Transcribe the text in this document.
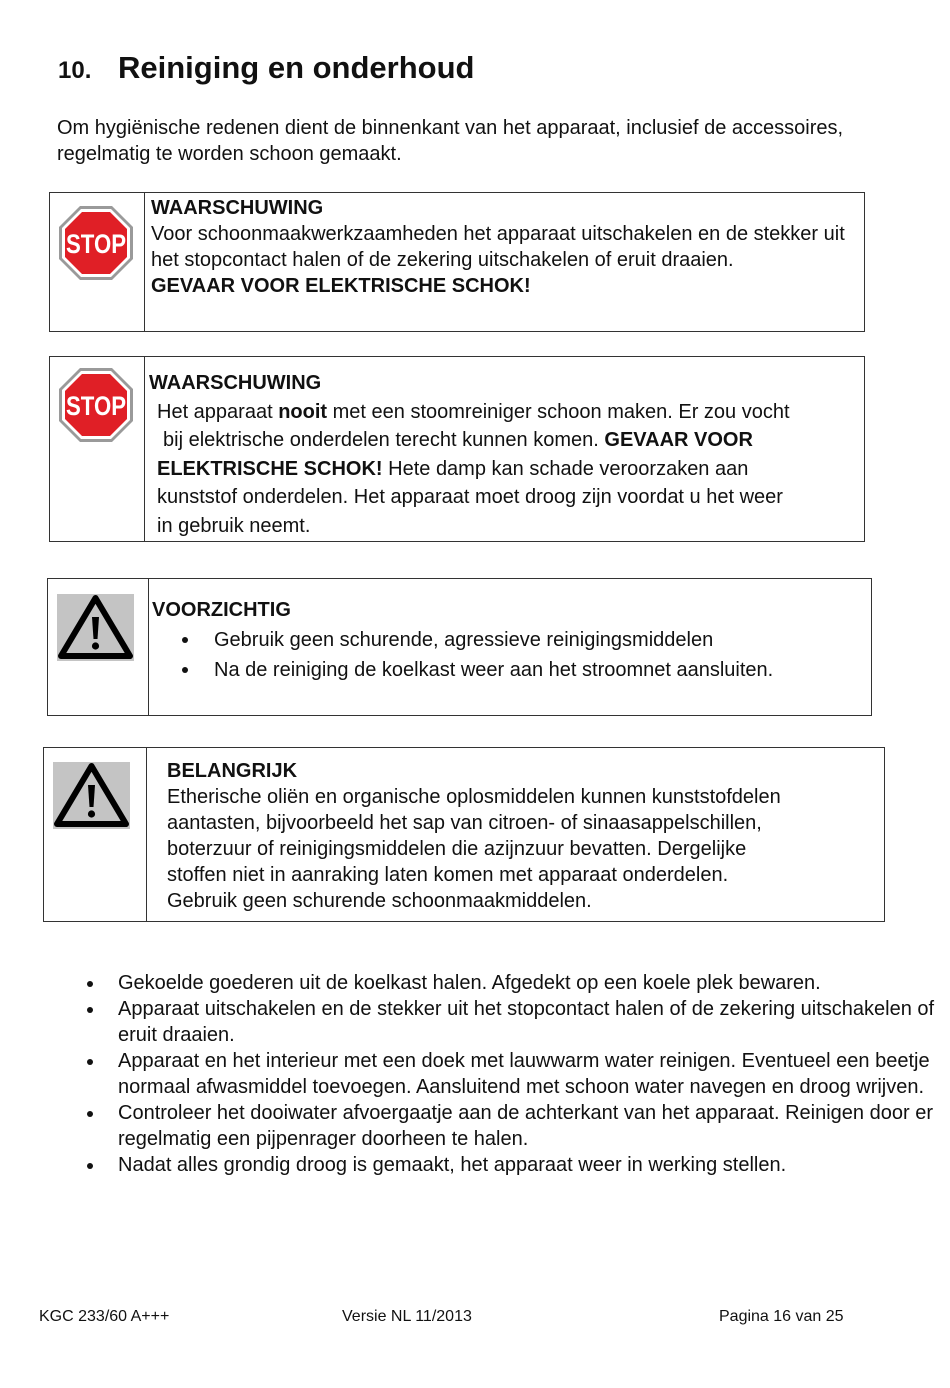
10. Reiniging en onderhoud
Om hygiënische redenen dient de binnenkant van het apparaat, inclusief de accessoires, regelmatig te worden schoon gemaakt.
STOP
WAARSCHUWING
Voor schoonmaakwerkzaamheden het apparaat uitschakelen en de stekker uit het stopcontact halen of de zekering uitschakelen of eruit draaien.
GEVAAR VOOR ELEKTRISCHE SCHOK!
STOP
WAARSCHUWING
Het apparaat nooit met een stoomreiniger schoon maken. Er zou vocht
bij elektrische onderdelen terecht kunnen komen. GEVAAR VOOR
ELEKTRISCHE SCHOK! Hete damp kan schade veroorzaken aan
kunststof onderdelen. Het apparaat moet droog zijn voordat u het weer
in gebruik neemt.
VOORZICHTIG
Gebruik geen schurende, agressieve reinigingsmiddelen
Na de reiniging de koelkast weer aan het stroomnet aansluiten.
BELANGRIJK
Etherische oliën en organische oplosmiddelen kunnen kunststofdelen
aantasten, bijvoorbeeld het sap van citroen- of sinaasappelschillen,
boterzuur of reinigingsmiddelen die azijnzuur bevatten. Dergelijke
stoffen niet in aanraking laten komen met apparaat onderdelen.
Gebruik geen schurende schoonmaakmiddelen.
Gekoelde goederen uit de koelkast halen. Afgedekt op een koele plek bewaren.
Apparaat uitschakelen en de stekker uit het stopcontact halen of de zekering uitschakelen of eruit draaien.
Apparaat en het interieur met een doek met lauwwarm water reinigen. Eventueel een beetje normaal afwasmiddel toevoegen. Aansluitend met schoon water navegen en droog wrijven.
Controleer het dooiwater afvoergaatje aan de achterkant van het apparaat. Reinigen door er regelmatig een pijpenrager doorheen te halen.
Nadat alles grondig droog is gemaakt, het apparaat weer in werking stellen.
KGC 233/60 A+++	Versie NL 11/2013	Pagina 16 van 25
